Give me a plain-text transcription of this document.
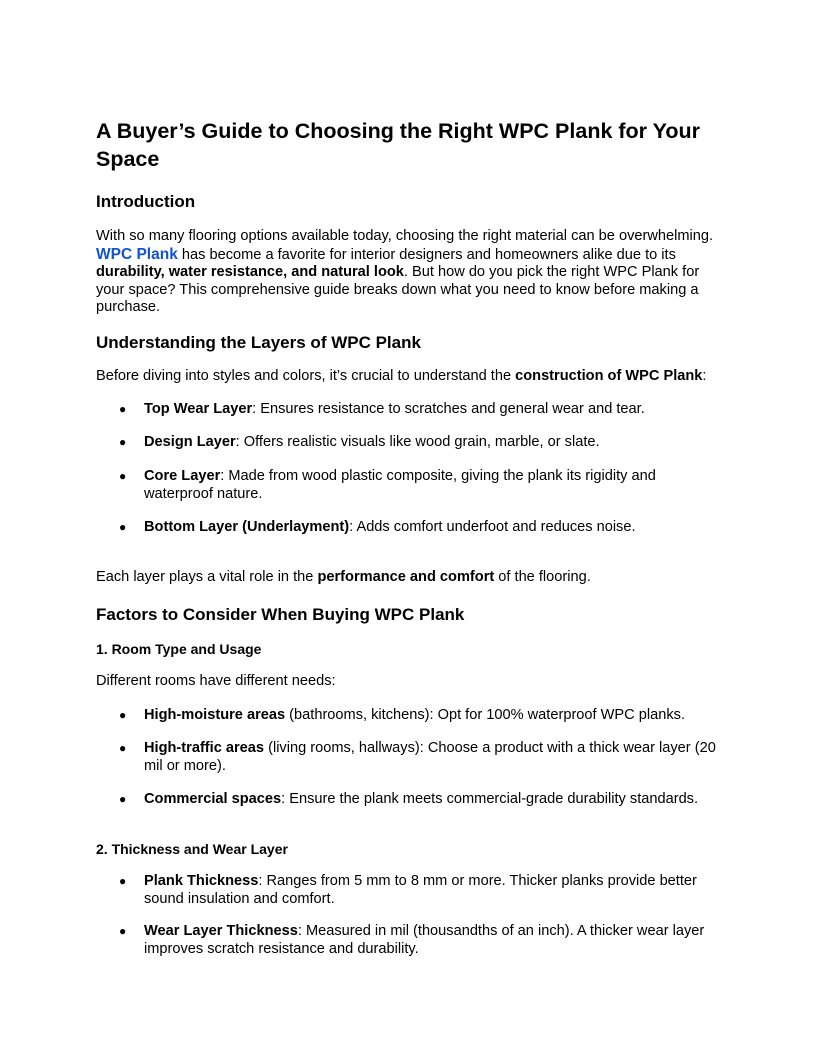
A Buyer’s Guide to Choosing the Right WPC Plank for Your Space
Introduction

With so many flooring options available today, choosing the right material can be overwhelming.
WPC Plank has become a favorite for interior designers and homeowners alike due to its
durability, water resistance, and natural look. But how do you pick the right WPC Plank for your space? This comprehensive guide breaks down what you need to know before making a purchase.

Understanding the Layers of WPC Plank

Before diving into styles and colors, it’s crucial to understand the construction of WPC Plank:

● Top Wear Layer: Ensures resistance to scratches and general wear and tear.
● Design Layer: Offers realistic visuals like wood grain, marble, or slate.
● Core Layer: Made from wood plastic composite, giving the plank its rigidity and waterproof nature.
● Bottom Layer (Underlayment): Adds comfort underfoot and reduces noise.

Each layer plays a vital role in the performance and comfort of the flooring.

Factors to Consider When Buying WPC Plank
1. Room Type and Usage

Different rooms have different needs:

● High-moisture areas (bathrooms, kitchens): Opt for 100% waterproof WPC planks.
● High-traffic areas (living rooms, hallways): Choose a product with a thick wear layer (20 mil or more).
● Commercial spaces: Ensure the plank meets commercial-grade durability standards.
2. Thickness and Wear Layer
● Plank Thickness: Ranges from 5 mm to 8 mm or more. Thicker planks provide better sound insulation and comfort.
● Wear Layer Thickness: Measured in mil (thousandths of an inch). A thicker wear layer improves scratch resistance and durability.
